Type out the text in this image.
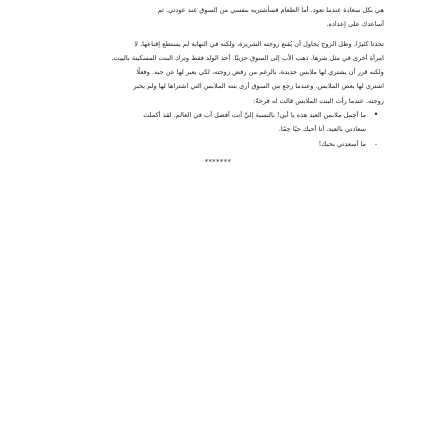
هي بكل سعادة عندما تعود. أما الطعام فسأشتريه بنفسي من السوق عند عودتي. ثم
أساعدك على إعداده.

تحدثا كثيرًا، وظل الزوج يحاول أن يُقنع زوجته الشريرة، ولكنه في النهاية لم يستطع إقناعها. لا
امرأة أخرى في مثل شرها. ذهب الأب إلى السوق حزينًا. أخذ الولد فقط وترك البنت المسكينة بالبيت.
ولكنه قرر أن يشتري لها ملابس جديدة، بالرغم من رفض زوجته، لكي يعبر لها عن حبه. وفعلًا
اشترى لها بعض الملابس. وعندما رجع من السوق أرى بنته الملابس التي اشتراها لها ولم يخبر
زوجته. عندما رأت البنت الملابس قالت له فرحةً:

•
ما أجمل ملابس العيد هذه يا أبي! بالنسبة إليَّ أنت أفضل أب في العالم. لقد أكملت
سعادتي بالعيد. أنا أحبك حبًا جمًا.
-
ما أسعدني بحبك!
*******
